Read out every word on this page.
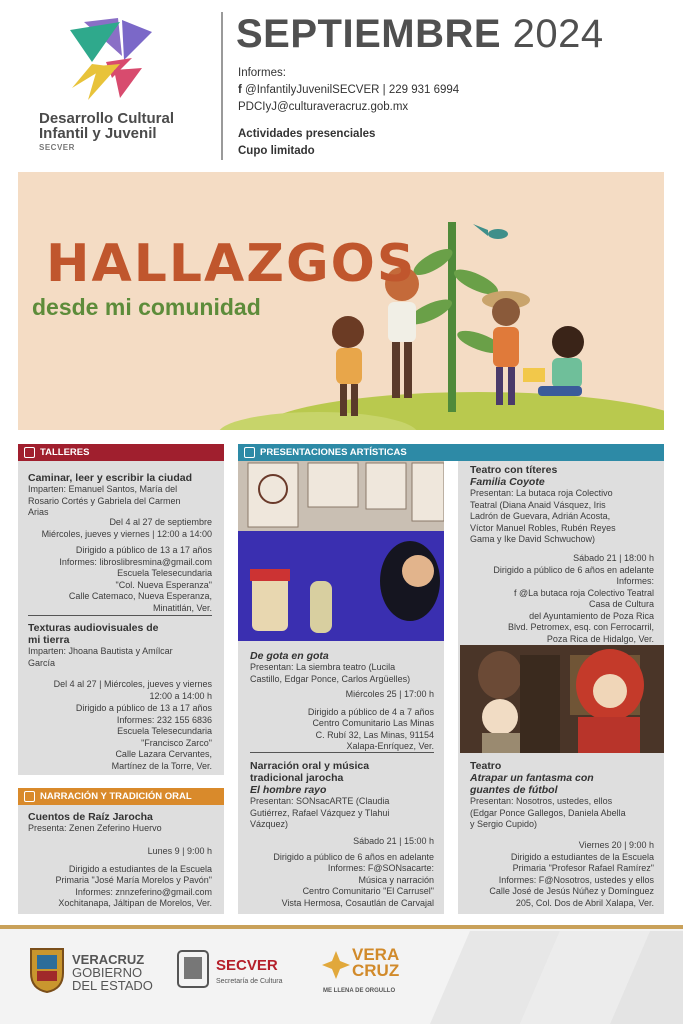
Desarrollo Cultural
Infantil y Juvenil
SECVER
SEPTIEMBRE 2024
Informes:
f @InfantilyJuvenilSECVER | 229 931 6994
PDCIyJ@culturaveracruz.gob.mx
Actividades presenciales
Cupo limitado
HALLAZGOS
desde mi comunidad
TALLERES
Caminar, leer y escribir la ciudad
Imparten: Emanuel Santos, María del
Rosario Cortés y Gabriela del Carmen
Arias
Del 4 al 27 de septiembre
Miércoles, jueves y viernes | 12:00 a 14:00
Dirigido a público de 13 a 17 años
Informes: libroslibresmina@gmail.com
Escuela Telesecundaria
"Col. Nueva Esperanza"
Calle Catemaco, Nueva Esperanza,
Minatitlán, Ver.
Texturas audiovisuales de
mi tierra
Imparten: Jhoana Bautista y Amílcar
García
Del 4 al 27 | Miércoles, jueves y viernes
12:00 a 14:00 h
Dirigido a público de 13 a 17 años
Informes: 232 155 6836
Escuela Telesecundaria
"Francisco Zarco"
Calle Lazara Cervantes,
Martínez de la Torre, Ver.
NARRACIÓN Y TRADICIÓN ORAL
Cuentos de Raíz Jarocha
Presenta: Zenen Zeferino Huervo
Lunes 9 | 9:00 h
Dirigido a estudiantes de la Escuela
Primaria "José María Morelos y Pavón"
Informes: znnzeferino@gmail.com
Xochitanapa, Jáltipan de Morelos, Ver.
PRESENTACIONES ARTÍSTICAS
De gota en gota
Presentan: La siembra teatro (Lucila
Castillo, Edgar Ponce, Carlos Argüelles)
Miércoles 25 | 17:00 h
Dirigido a público de 4 a 7 años
Centro Comunitario Las Minas
C. Rubí 32, Las Minas, 91154
Xalapa-Enríquez, Ver.
Narración oral y música
tradicional jarocha
El hombre rayo
Presentan: SONsacARTE (Claudia
Gutiérrez, Rafael Vázquez y Tlahui
Vázquez)
Sábado 21 | 15:00 h
Dirigido a público de 6 años en adelante
Informes: F@SONsacarte:
Música y narración
Centro Comunitario "El Carrusel"
Vista Hermosa, Cosautlán de Carvajal
Teatro con títeres
Familia Coyote
Presentan: La butaca roja Colectivo
Teatral (Diana Anaid Vásquez, Iris
Ladrón de Guevara, Adrián Acosta,
Víctor Manuel Robles, Rubén Reyes
Gama y Ike David Schwuchow)
Sábado 21 | 18:00 h
Dirigido a público de 6 años en adelante
Informes:
f @La butaca roja Colectivo Teatral
Casa de Cultura
del Ayuntamiento de Poza Rica
Blvd. Petromex, esq. con Ferrocarril,
Poza Rica de Hidalgo, Ver.
Teatro
Atrapar un fantasma con
guantes de fútbol
Presentan: Nosotros, ustedes, ellos
(Edgar Ponce Gallegos, Daniela Abella
y Sergio Cupido)
Viernes 20 | 9:00 h
Dirigido a estudiantes de la Escuela
Primaria "Profesor Rafael Ramírez"
Informes: F@Nosotros, ustedes y ellos
Calle José de Jesús Núñez y Domínguez
205, Col. Dos de Abril Xalapa, Ver.
VERACRUZ
GOBIERNO
DEL ESTADO
SECVER
Secretaría de Cultura
VERA
CRUZ
ME LLENA DE ORGULLO
